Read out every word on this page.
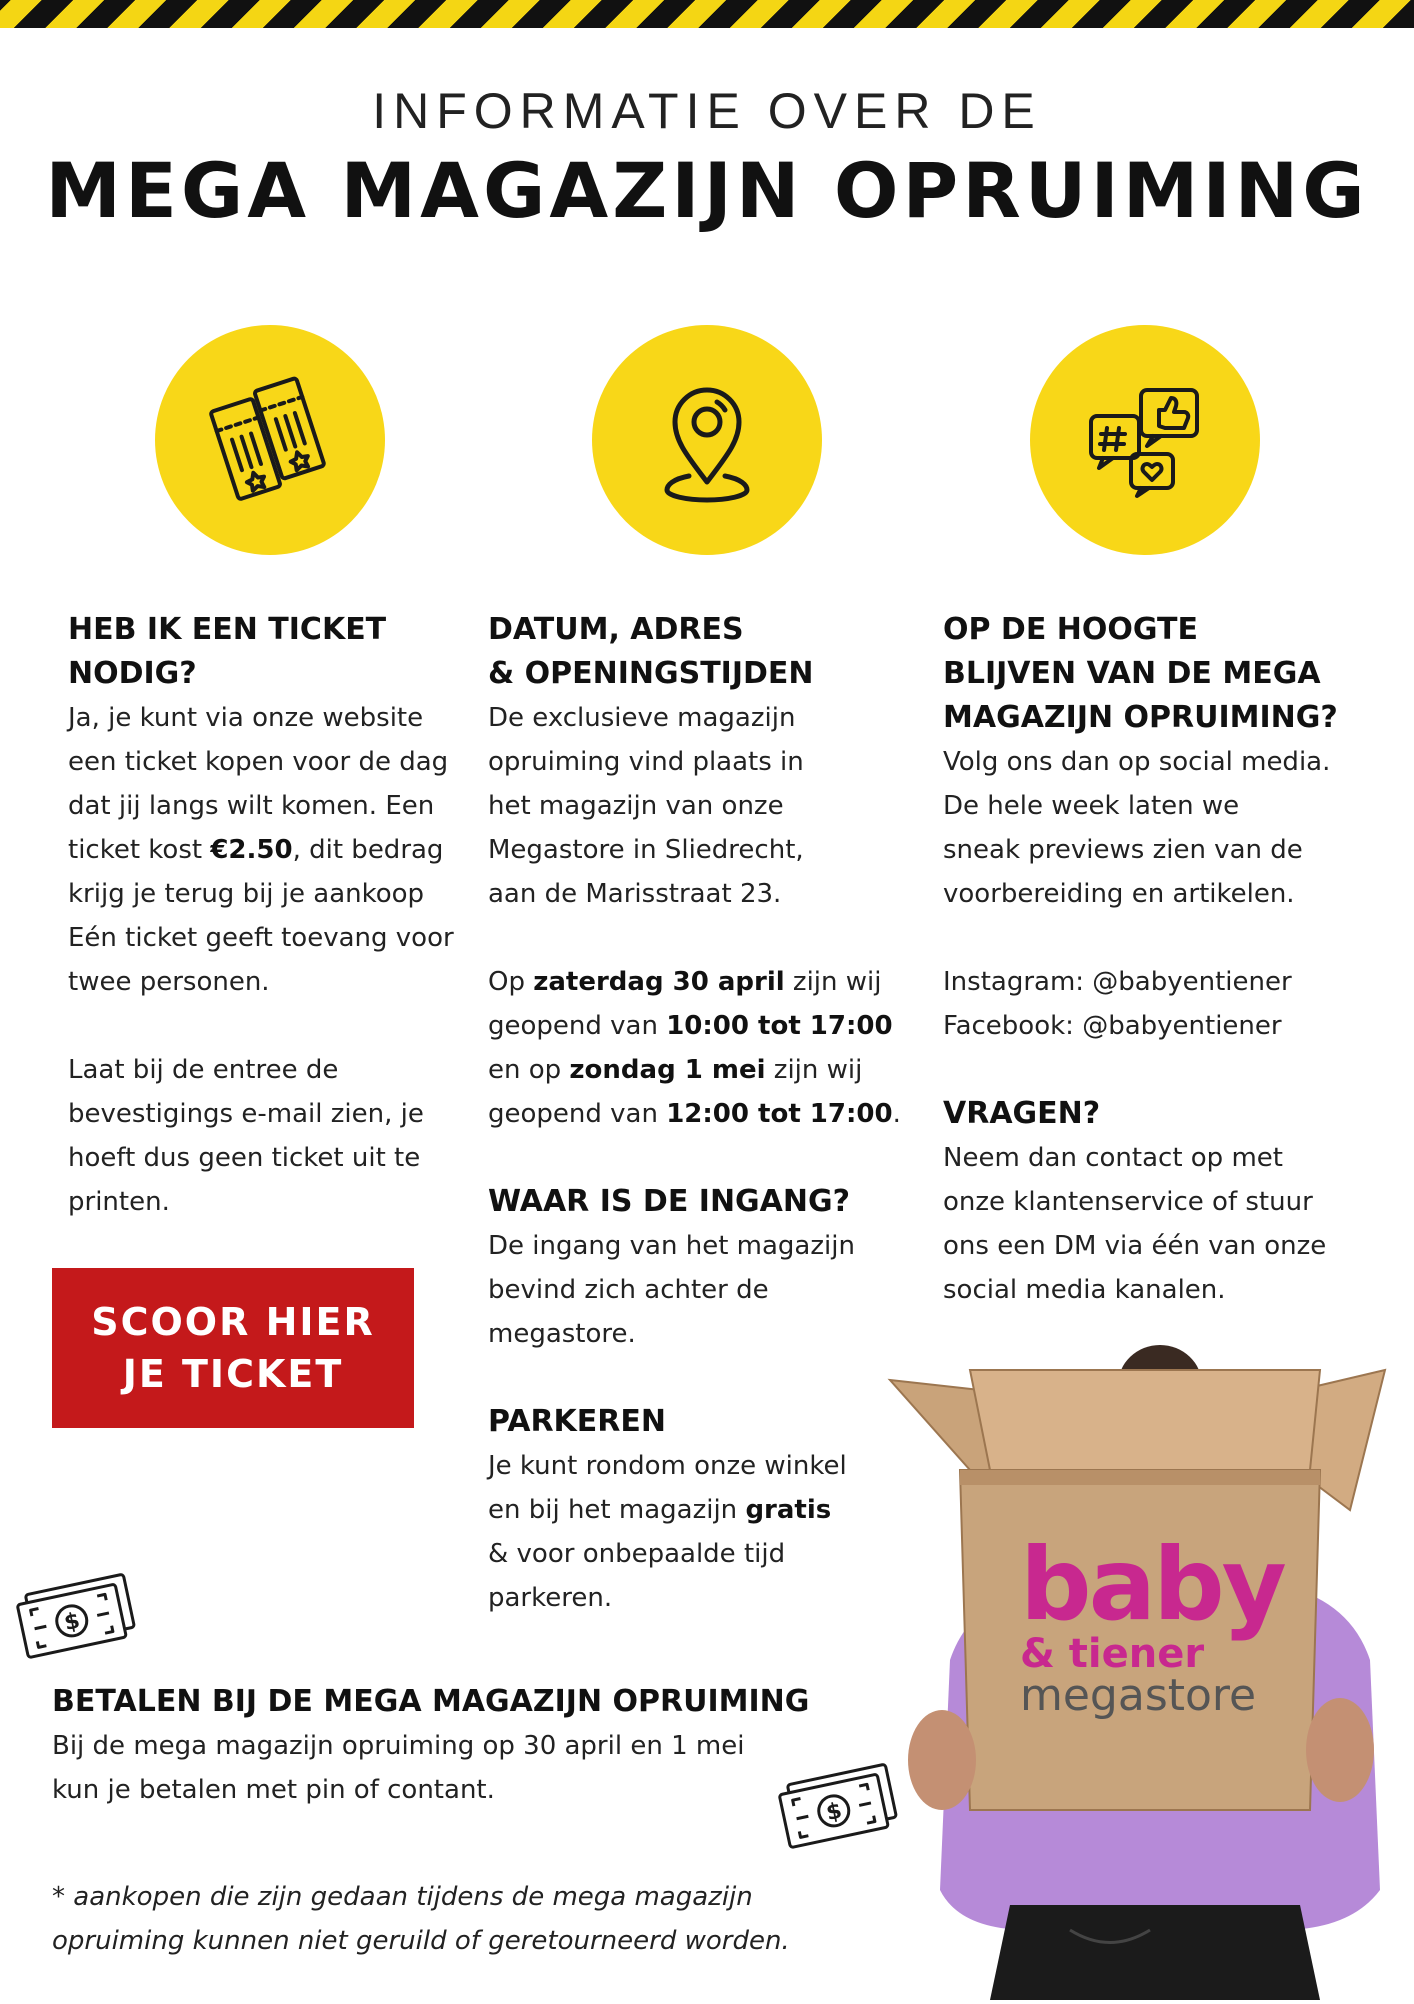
INFORMATIE OVER DE
MEGA MAGAZIJN OPRUIMING

HEB IK EEN TICKET
NODIG?

Ja, je kunt via onze website
een ticket kopen voor de dag
dat jij langs wilt komen. Een
ticket kost €2.50, dit bedrag
krijg je terug bij je aankoop
Eén ticket geeft toevang voor
twee personen.

Laat bij de entree de
bevestigings e-mail zien, je
hoeft dus geen ticket uit te
printen.

SCOOR HIER
JE TICKET

DATUM, ADRES
& OPENINGSTIJDEN

De exclusieve magazijn
opruiming vind plaats in
het magazijn van onze
Megastore in Sliedrecht,
aan de Marisstraat 23.

Op zaterdag 30 april zijn wij
geopend van 10:00 tot 17:00
en op zondag 1 mei zijn wij
geopend van 12:00 tot 17:00.

WAAR IS DE INGANG?

De ingang van het magazijn
bevind zich achter de
megastore.

PARKEREN

Je kunt rondom onze winkel
en bij het magazijn gratis
& voor onbepaalde tijd
parkeren.

OP DE HOOGTE
BLIJVEN VAN DE MEGA
MAGAZIJN OPRUIMING?

Volg ons dan op social media.
De hele week laten we
sneak previews zien van de
voorbereiding en artikelen.

Instagram: @babyentiener

Facebook: @babyentiener

VRAGEN?

Neem dan contact op met
onze klantenservice of stuur
ons een DM via één van onze
social media kanalen.

$
$

BETALEN BIJ DE MEGA MAGAZIJN OPRUIMING

Bij de mega magazijn opruiming op 30 april en 1 mei
kun je betalen met pin of contant.

* aankopen die zijn gedaan tijdens de mega magazijn
opruiming kunnen niet geruild of geretourneerd worden.
baby
& tiener
megastore
